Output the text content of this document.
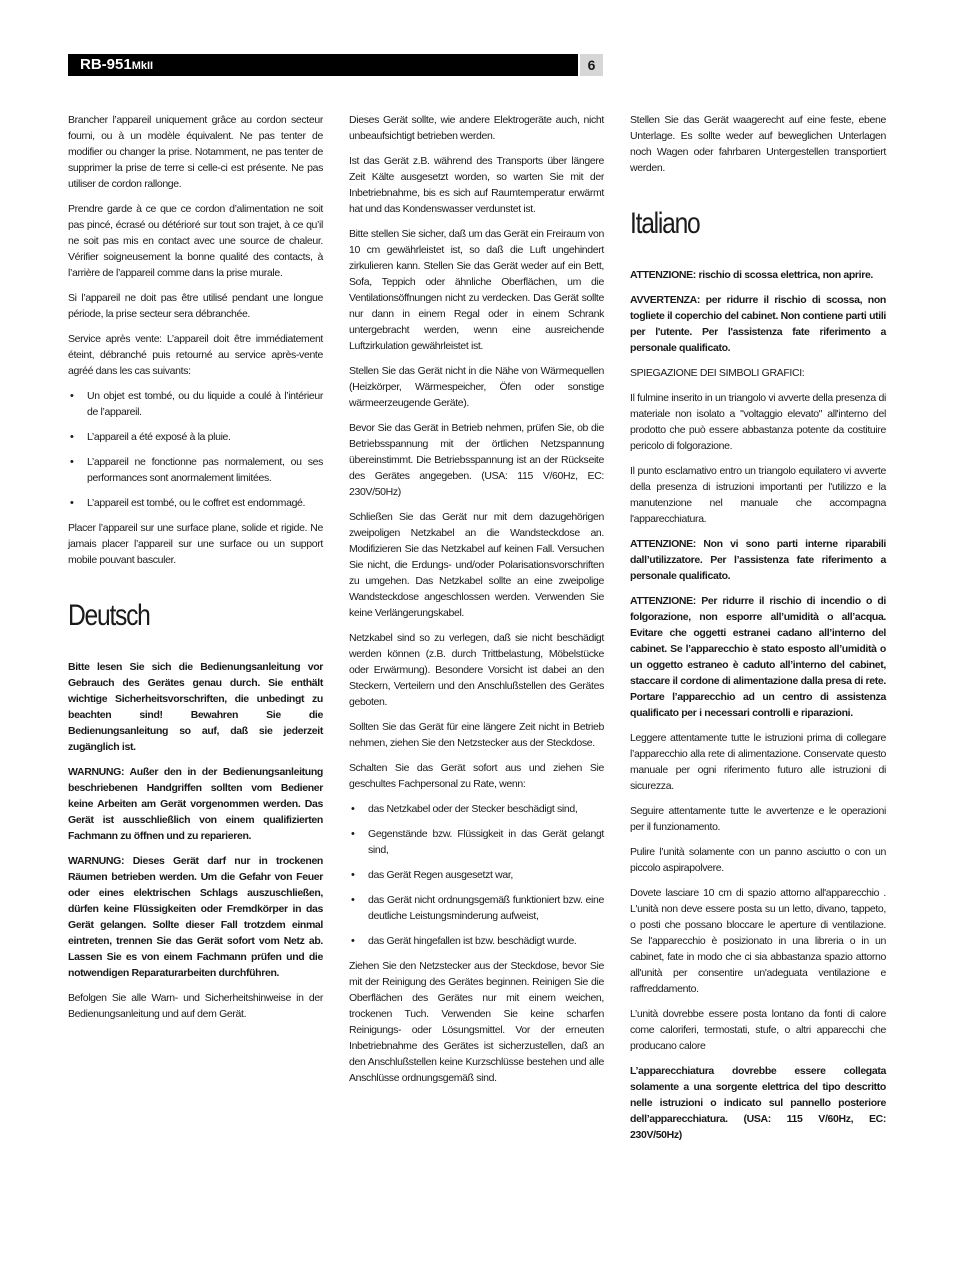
RB-951MkII	6

Brancher l’appareil uniquement grâce au cordon secteur fourni, ou à un modèle équivalent. Ne pas tenter de modifier ou changer la prise. Notamment, ne pas tenter de supprimer la prise de terre si celle-ci est présente. Ne pas utiliser de cordon rallonge.

Prendre garde à ce que ce cordon d’alimentation ne soit pas pincé, écrasé ou détérioré sur tout son trajet, à ce qu’il ne soit pas mis en contact avec une source de chaleur. Vérifier soigneusement la bonne qualité des contacts, à l’arrière de l’appareil comme dans la prise murale.

Si l’appareil ne doit pas être utilisé pendant une longue période, la prise secteur sera débranchée.

Service après vente: L’appareil doit être immédiatement éteint, débranché puis retourné au service après-vente agréé dans les cas suivants:

• Un objet est tombé, ou du liquide a coulé à l’intérieur de l’appareil.
• L’appareil a été exposé à la pluie.
• L’appareil ne fonctionne pas normalement, ou ses performances sont anormalement limitées.
• L’appareil est tombé, ou le coffret est endommagé.

Placer l’appareil sur une surface plane, solide et rigide. Ne jamais placer l’appareil sur une surface ou un support mobile pouvant basculer.

Deutsch

Bitte lesen Sie sich die Bedienungsanleitung vor Gebrauch des Gerätes genau durch. Sie enthält wichtige Sicherheitsvorschriften, die unbedingt zu beachten sind! Bewahren Sie die Bedienungsanleitung so auf, daß sie jederzeit zugänglich ist.

WARNUNG: Außer den in der Bedienungsanleitung beschriebenen Handgriffen sollten vom Bediener keine Arbeiten am Gerät vorgenommen werden. Das Gerät ist ausschließlich von einem qualifizierten Fachmann zu öffnen und zu reparieren.

WARNUNG: Dieses Gerät darf nur in trockenen Räumen betrieben werden. Um die Gefahr von Feuer oder eines elektrischen Schlags auszuschließen, dürfen keine Flüssigkeiten oder Fremdkörper in das Gerät gelangen. Sollte dieser Fall trotzdem einmal eintreten, trennen Sie das Gerät sofort vom Netz ab. Lassen Sie es von einem Fachmann prüfen und die notwendigen Reparaturarbeiten durchführen.

Befolgen Sie alle Warn- und Sicherheitshinweise in der Bedienungsanleitung und auf dem Gerät.

Dieses Gerät sollte, wie andere Elektrogeräte auch, nicht unbeaufsichtigt betrieben werden.

Ist das Gerät z.B. während des Transports über längere Zeit Kälte ausgesetzt worden, so warten Sie mit der Inbetriebnahme, bis es sich auf Raumtemperatur erwärmt hat und das Kondenswasser verdunstet ist.

Bitte stellen Sie sicher, daß um das Gerät ein Freiraum von 10 cm gewährleistet ist, so daß die Luft ungehindert zirkulieren kann. Stellen Sie das Gerät weder auf ein Bett, Sofa, Teppich oder ähnliche Oberflächen, um die Ventilationsöffnungen nicht zu verdecken. Das Gerät sollte nur dann in einem Regal oder in einem Schrank untergebracht werden, wenn eine ausreichende Luftzirkulation gewährleistet ist.

Stellen Sie das Gerät nicht in die Nähe von Wärmequellen (Heizkörper, Wärmespeicher, Öfen oder sonstige wärmeerzeugende Geräte).

Bevor Sie das Gerät in Betrieb nehmen, prüfen Sie, ob die Betriebsspannung mit der örtlichen Netzspannung übereinstimmt. Die Betriebsspannung ist an der Rückseite des Gerätes angegeben. (USA: 115 V/60Hz, EC: 230V/50Hz)

Schließen Sie das Gerät nur mit dem dazugehörigen zweipoligen Netzkabel an die Wandsteckdose an. Modifizieren Sie das Netzkabel auf keinen Fall. Versuchen Sie nicht, die Erdungs- und/oder Polarisationsvorschriften zu umgehen. Das Netzkabel sollte an eine zweipolige Wandsteckdose angeschlossen werden. Verwenden Sie keine Verlängerungskabel.

Netzkabel sind so zu verlegen, daß sie nicht beschädigt werden können (z.B. durch Trittbelastung, Möbelstücke oder Erwärmung). Besondere Vorsicht ist dabei an den Steckern, Verteilern und den Anschlußstellen des Gerätes geboten.

Sollten Sie das Gerät für eine längere Zeit nicht in Betrieb nehmen, ziehen Sie den Netzstecker aus der Steckdose.

Schalten Sie das Gerät sofort aus und ziehen Sie geschultes Fachpersonal zu Rate, wenn:

• das Netzkabel oder der Stecker beschädigt sind,
• Gegenstände bzw. Flüssigkeit in das Gerät gelangt sind,
• das Gerät Regen ausgesetzt war,
• das Gerät nicht ordnungsgemäß funktioniert bzw. eine deutliche Leistungsminderung aufweist,
• das Gerät hingefallen ist bzw. beschädigt wurde.

Ziehen Sie den Netzstecker aus der Steckdose, bevor Sie mit der Reinigung des Gerätes beginnen. Reinigen Sie die Oberflächen des Gerätes nur mit einem weichen, trockenen Tuch. Verwenden Sie keine scharfen Reinigungs- oder Lösungsmittel. Vor der erneuten Inbetriebnahme des Gerätes ist sicherzustellen, daß an den Anschlußstellen keine Kurzschlüsse bestehen und alle Anschlüsse ordnungsgemäß sind.

Stellen Sie das Gerät waagerecht auf eine feste, ebene Unterlage. Es sollte weder auf beweglichen Unterlagen noch Wagen oder fahrbaren Untergestellen transportiert werden.

Italiano

ATTENZIONE: rischio di scossa elettrica, non aprire.

AVVERTENZA: per ridurre il rischio di scossa, non togliete il coperchio del cabinet. Non contiene parti utili per l'utente. Per l'assistenza fate riferimento a personale qualificato.

SPIEGAZIONE DEI SIMBOLI GRAFICI:

Il fulmine inserito in un triangolo vi avverte della presenza di materiale non isolato a "voltaggio elevato" all'interno del prodotto che può essere abbastanza potente da costituire pericolo di folgorazione.

Il punto esclamativo entro un triangolo equilatero vi avverte della presenza di istruzioni importanti per l'utilizzo e la manutenzione nel manuale che accompagna l'apparecchiatura.

ATTENZIONE: Non vi sono parti interne riparabili dall’utilizzatore. Per l’assistenza fate riferimento a personale qualificato.

ATTENZIONE: Per ridurre il rischio di incendio o di folgorazione, non esporre all’umidità o all’acqua. Evitare che oggetti estranei cadano all’interno del cabinet. Se l’apparecchio è stato esposto all’umidità o un oggetto estraneo è caduto all’interno del cabinet, staccare il cordone di alimentazione dalla presa di rete. Portare l’apparecchio ad un centro di assistenza qualificato per i necessari controlli e riparazioni.

Leggere attentamente tutte le istruzioni prima di collegare l’apparecchio alla rete di alimentazione. Conservate questo manuale per ogni riferimento futuro alle istruzioni di sicurezza.

Seguire attentamente tutte le avvertenze e le operazioni per il funzionamento.

Pulire l’unità solamente con un panno asciutto o con un piccolo aspirapolvere.

Dovete lasciare 10 cm di spazio attorno all'apparecchio . L'unità non deve essere posta su un letto, divano, tappeto, o posti che possano bloccare le aperture di ventilazione. Se l'apparecchio è posizionato in una libreria o in un cabinet, fate in modo che ci sia abbastanza spazio attorno all'unità per consentire un'adeguata ventilazione e raffreddamento.

L’unità dovrebbe essere posta lontano da fonti di calore come caloriferi, termostati, stufe, o altri apparecchi che producano calore

L’apparecchiatura dovrebbe essere collegata solamente a una sorgente elettrica del tipo descritto nelle istruzioni o indicato sul pannello posteriore dell’apparecchiatura. (USA: 115 V/60Hz, EC: 230V/50Hz)
